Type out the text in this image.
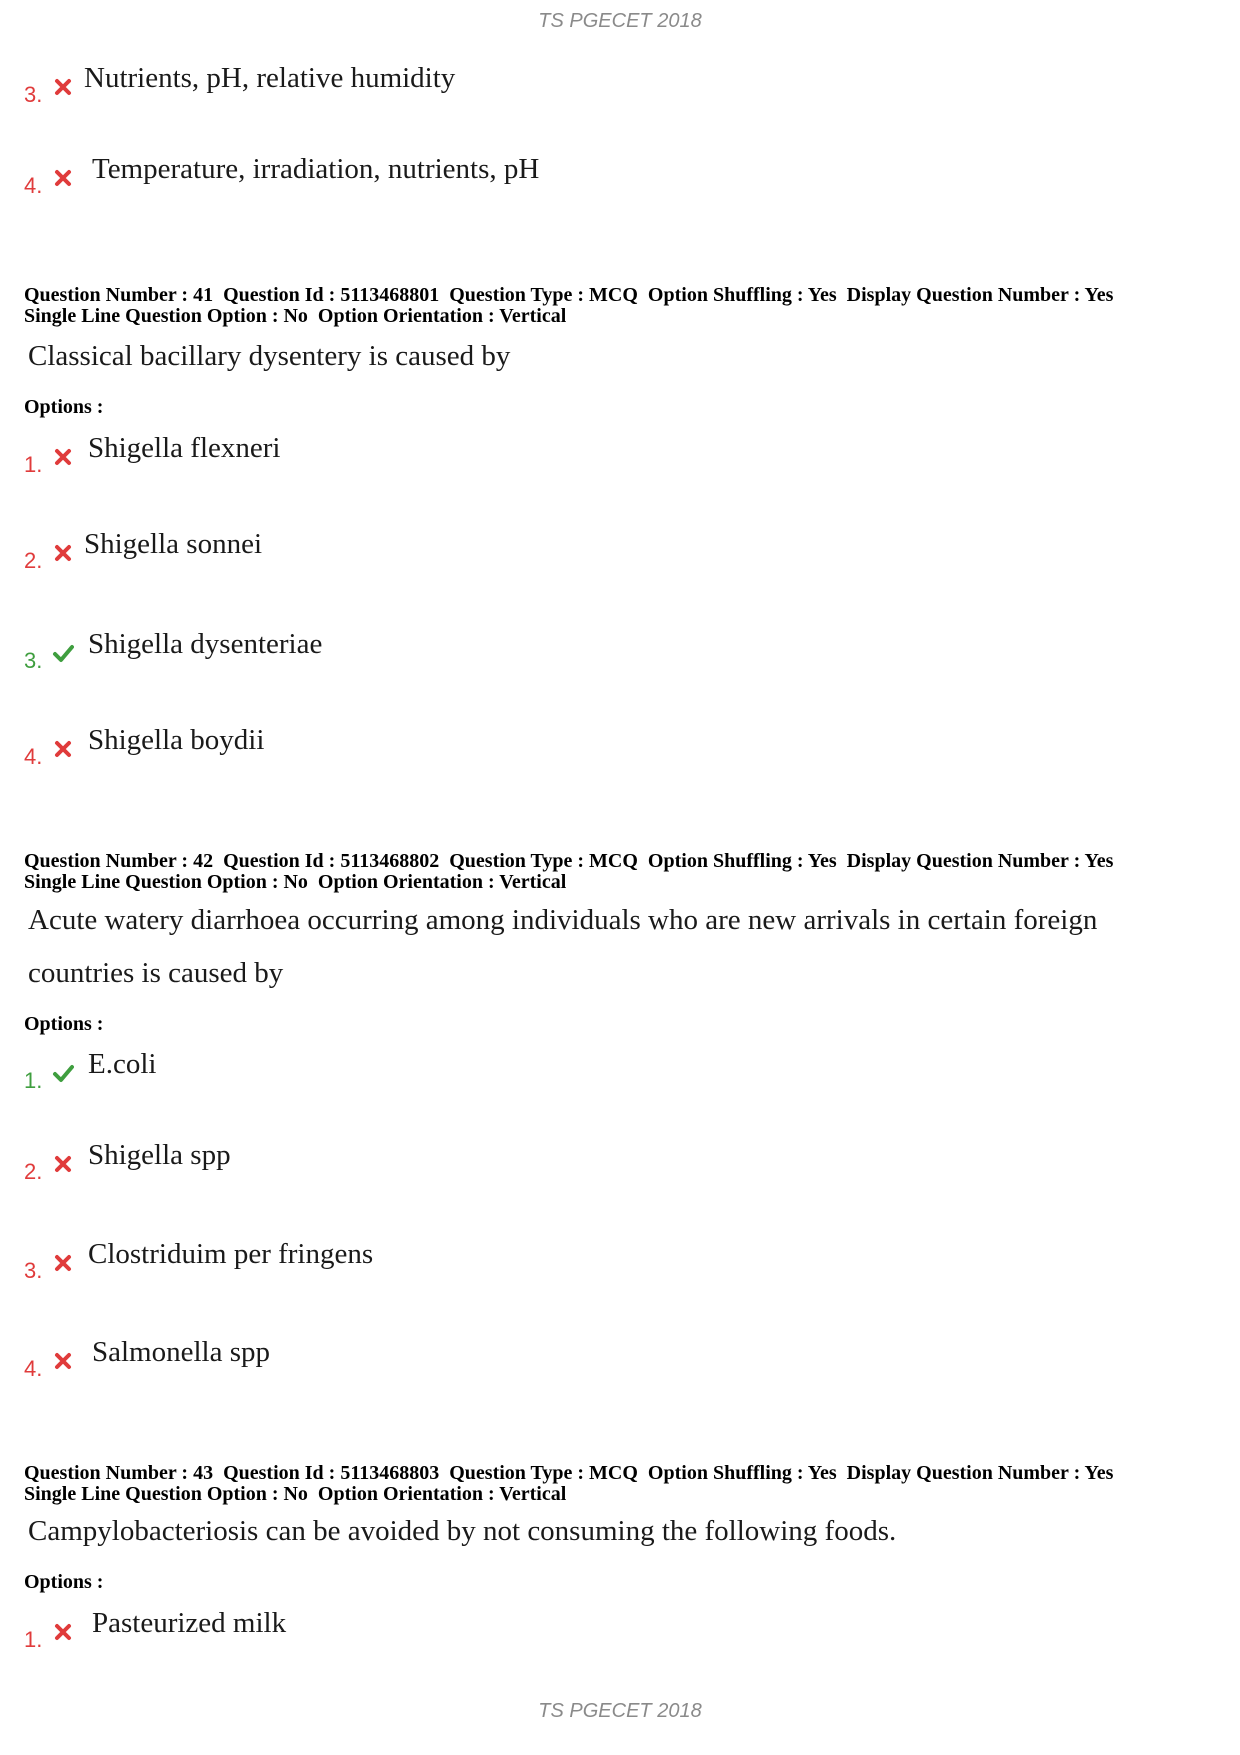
TS PGECET 2018
3.
Nutrients, pH, relative humidity
4.
Temperature, irradiation, nutrients, pH
Question Number : 41  Question Id : 5113468801  Question Type : MCQ  Option Shuffling : Yes  Display Question Number : Yes
Single Line Question Option : No  Option Orientation : Vertical
Classical bacillary dysentery is caused by
Options :
1.
Shigella flexneri
2.
Shigella sonnei
3.
Shigella dysenteriae
4.
Shigella boydii
Question Number : 42  Question Id : 5113468802  Question Type : MCQ  Option Shuffling : Yes  Display Question Number : Yes
Single Line Question Option : No  Option Orientation : Vertical
Acute watery diarrhoea occurring among individuals who are new arrivals in certain foreign countries is caused by
Options :
1.
E.coli
2.
Shigella spp
3.
Clostriduim per fringens
4.
Salmonella spp
Question Number : 43  Question Id : 5113468803  Question Type : MCQ  Option Shuffling : Yes  Display Question Number : Yes
Single Line Question Option : No  Option Orientation : Vertical
Campylobacteriosis can be avoided by not consuming the following foods.
Options :
1.
Pasteurized milk
TS PGECET 2018
